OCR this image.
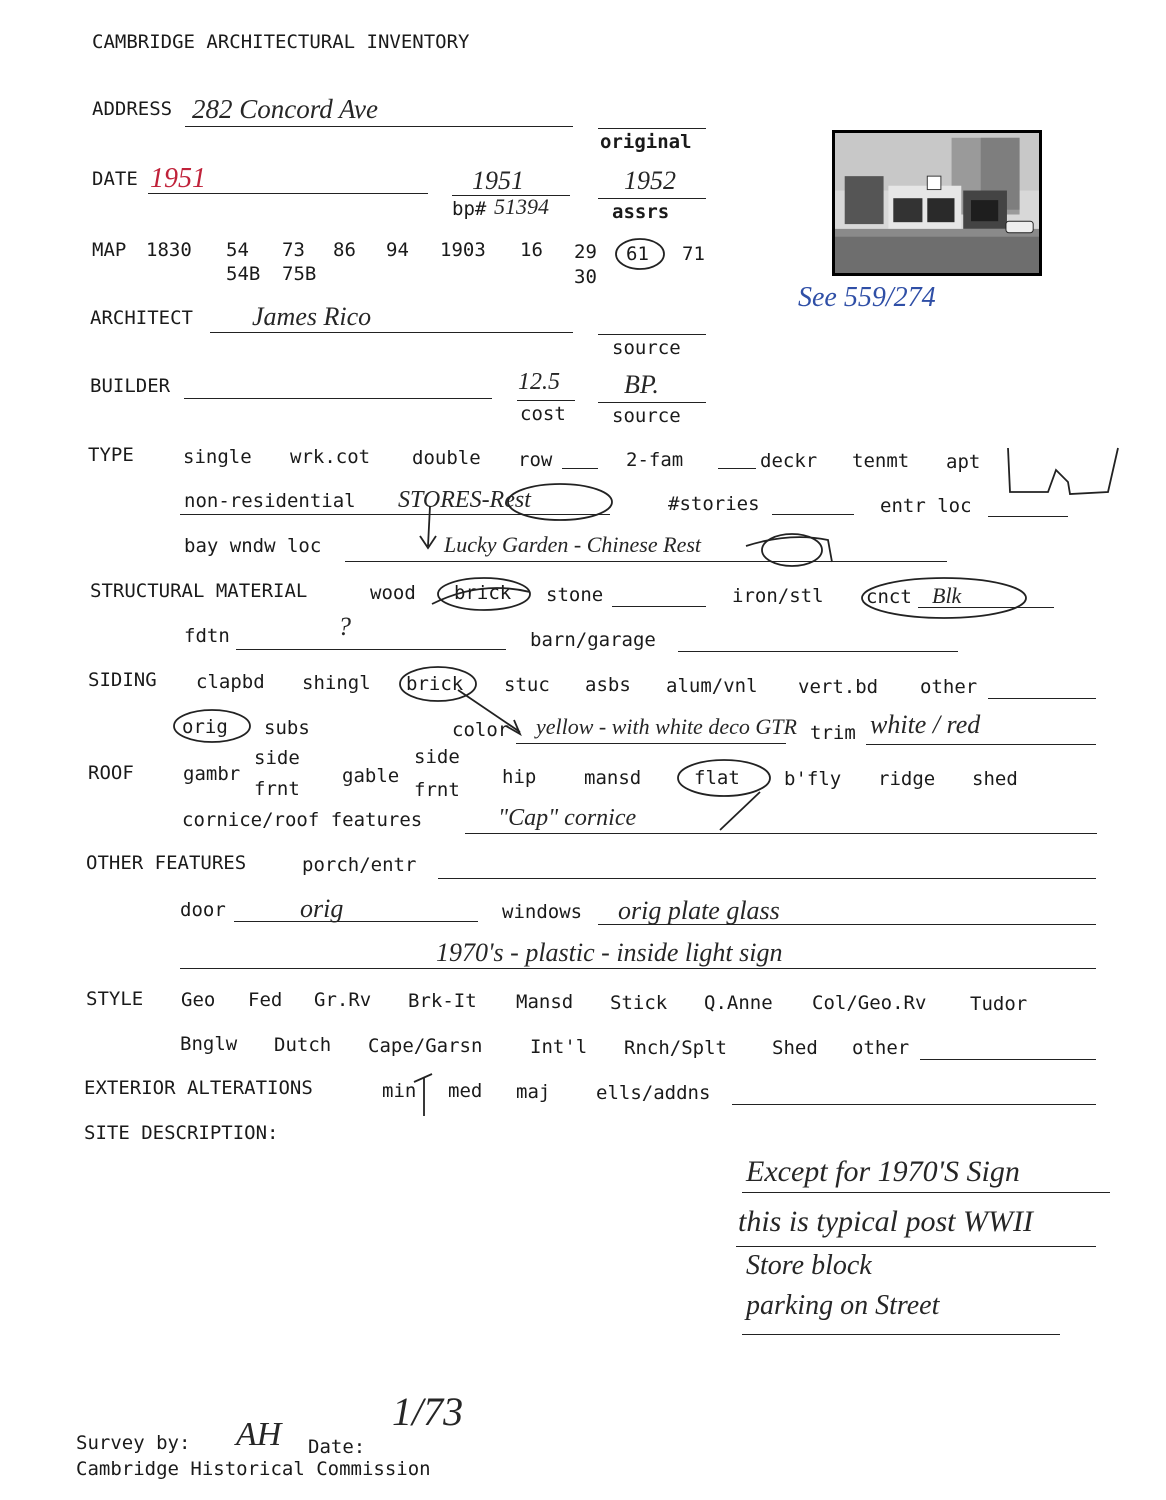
CAMBRIDGE ARCHITECTURAL INVENTORY
ADDRESS 282 Concord Ave
original
DATE 1951	1951
bp# 51394
1952
assrs
MAP 1830 54 73 86 94 1903 16 29 61 71
54B 75B	30
See 559/274
ARCHITECT James Rico
source
BUILDER	12.5
cost
BP.
source
TYPE	single wrk.cot double row	2-fam	deckr tenmt apt
non-residential STORES-Rest	#stories	entr loc
bay wndw loc	Lucky Garden - Chinese Rest
STRUCTURAL MATERIAL	wood brick stone	iron/stl cnct Blk
fdtn	?	barn/garage
SIDING clapbd shingl brick stuc asbs alum/vnl vert.bd other
orig subs	color yellow - with white deco GTR trim white / red
ROOF	gambr
side
frnt
gable
side
frnt
hip	mansd	flat b'fly ridge shed
cornice/roof features	"Cap" cornice
OTHER FEATURES	porch/entr
door	orig	windows orig plate glass
1970's - plastic - inside light sign
STYLE Geo Fed Gr.Rv Brk-It Mansd Stick Q.Anne Col/Geo.Rv Tudor
Bnglw Dutch Cape/Garsn	Int'l Rnch/Splt Shed other
EXTERIOR ALTERATIONS	min med maj ells/addns
SITE DESCRIPTION:
Except for 1970'S Sign
this is typical post WWII
Store block
parking on Street
Survey by: AH Date:
1/73
Cambridge Historical Commission
